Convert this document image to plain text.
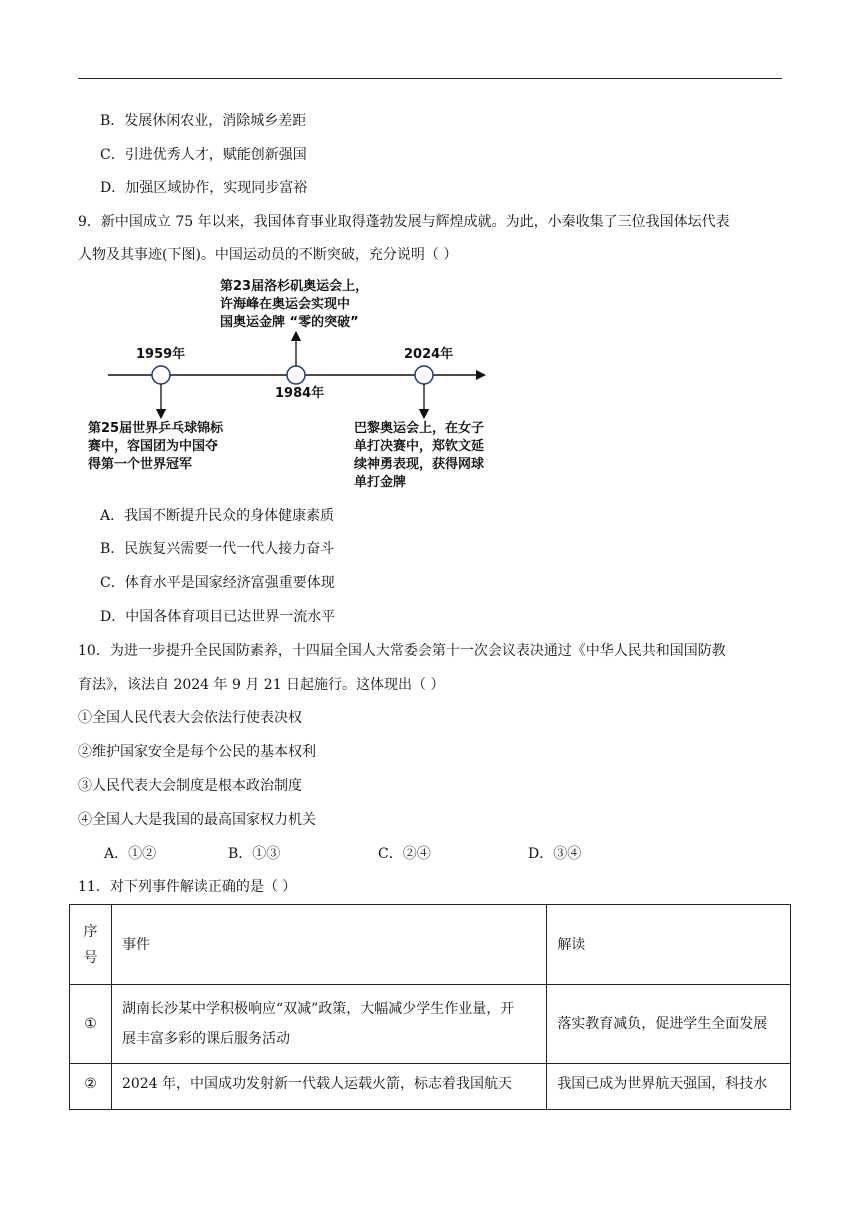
B．发展休闲农业，消除城乡差距
C．引进优秀人才，赋能创新强国
D．加强区域协作，实现同步富裕
9．新中国成立 75 年以来，我国体育事业取得蓬勃发展与辉煌成就。为此，小秦收集了三位我国体坛代表
人物及其事迹(下图)。中国运动员的不断突破，充分说明（ ）
1959年
1984年
2024年
第23届洛杉矶奥运会上，
许海峰在奥运会实现中
国奥运金牌 “零的突破”
第25届世界乒乓球锦标
赛中，容国团为中国夺
得第一个世界冠军
巴黎奥运会上，在女子
单打决赛中，郑钦文延
续神勇表现，获得网球
单打金牌
A．我国不断提升民众的身体健康素质
B．民族复兴需要一代一代人接力奋斗
C．体育水平是国家经济富强重要体现
D．中国各体育项目已达世界一流水平
10．为进一步提升全民国防素养，十四届全国人大常委会第十一次会议表决通过《中华人民共和国国防教
育法》，该法自 2024 年 9 月 21 日起施行。这体现出（ ）
①全国人民代表大会依法行使表决权
②维护国家安全是每个公民的基本权利
③人民代表大会制度是根本政治制度
④全国人大是我国的最高国家权力机关
A．①②	B．①③	C．②④	D．③④
11．对下列事件解读正确的是（ ）
序号	事件	解读
①	湖南长沙某中学积极响应“双减”政策，大幅减少学生作业量，开
展丰富多彩的课后服务活动	落实教育减负，促进学生全面发展
②	2024 年，中国成功发射新一代载人运载火箭，标志着我国航天	我国已成为世界航天强国，科技水
